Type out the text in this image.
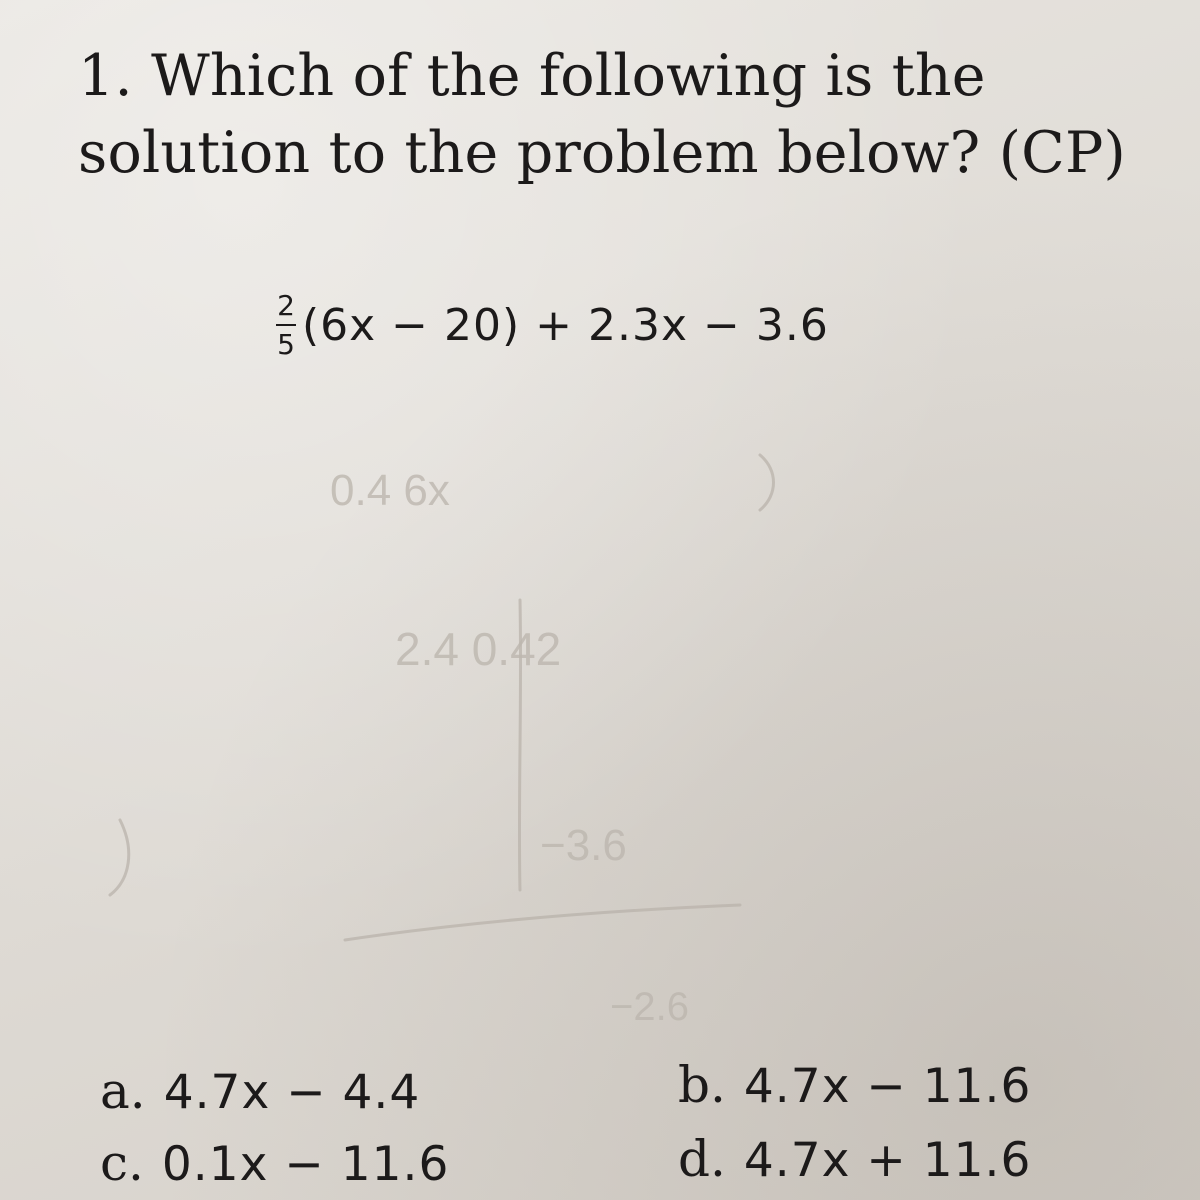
1. Which of the following is the
solution to the problem below? (CP)
$\frac{2}{5} (6x - 20) + 2.3x - 3.6$
0.4 6x
2.4 0.42
−3.6
−2.6
a. 4.7x − 4.4	b. 4.7x − 11.6
c. 0.1x − 11.6	d. 4.7x + 11.6
